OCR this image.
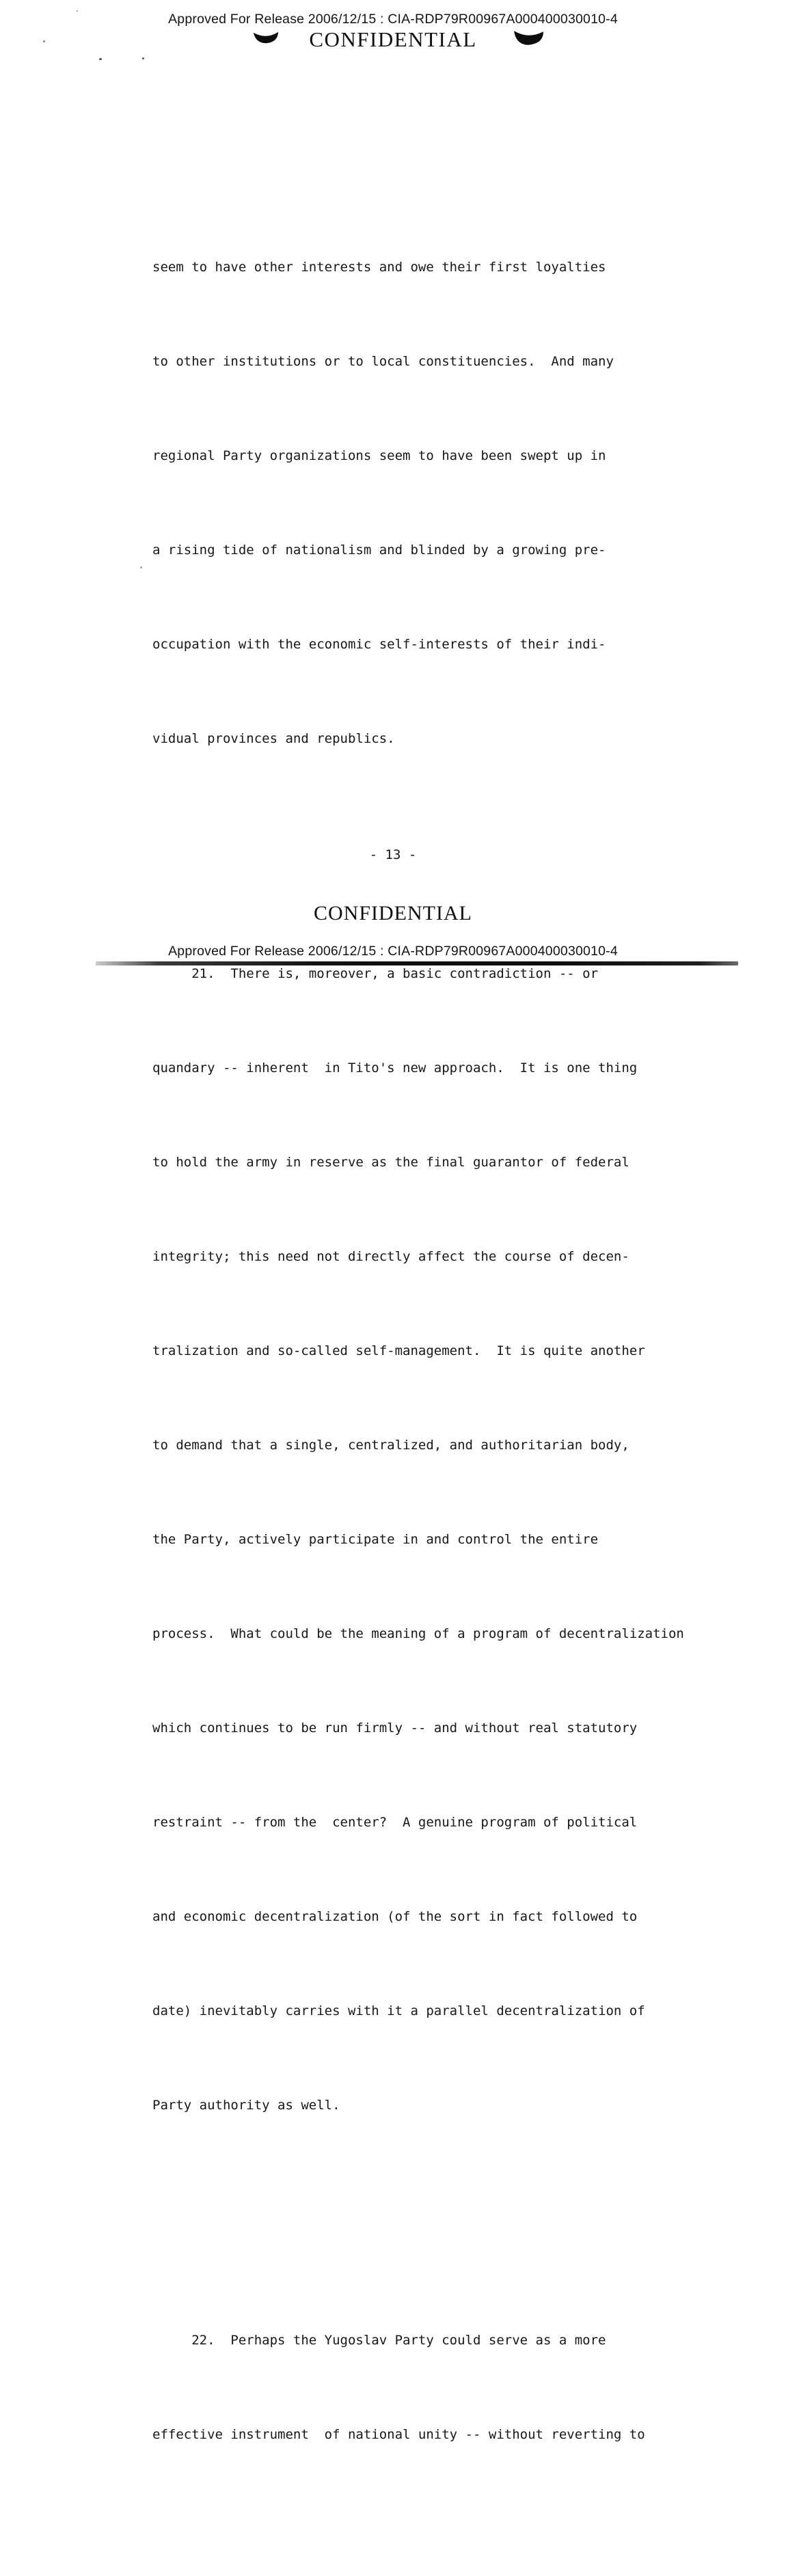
Approved For Release 2006/12/15 : CIA-RDP79R00967A000400030010-4
CONFIDENTIAL

seem to have other interests and owe their first loyalties

to other institutions or to local constituencies.  And many

regional Party organizations seem to have been swept up in

a rising tide of nationalism and blinded by a growing pre-

occupation with the economic self-interests of their indi-

vidual provinces and republics.

21.  There is, moreover, a basic contradiction -- or

quandary -- inherent  in Tito's new approach.  It is one thing

to hold the army in reserve as the final guarantor of federal

integrity; this need not directly affect the course of decen-

tralization and so-called self-management.  It is quite another

to demand that a single, centralized, and authoritarian body,

the Party, actively participate in and control the entire

process.  What could be the meaning of a program of decentralization

which continues to be run firmly -- and without real statutory

restraint -- from the  center?  A genuine program of political

and economic decentralization (of the sort in fact followed to

date) inevitably carries with it a parallel decentralization of

Party authority as well.

22.  Perhaps the Yugoslav Party could serve as a more

effective instrument  of national unity -- without reverting to

- 13 -
CONFIDENTIAL
Approved For Release 2006/12/15 : CIA-RDP79R00967A000400030010-4
